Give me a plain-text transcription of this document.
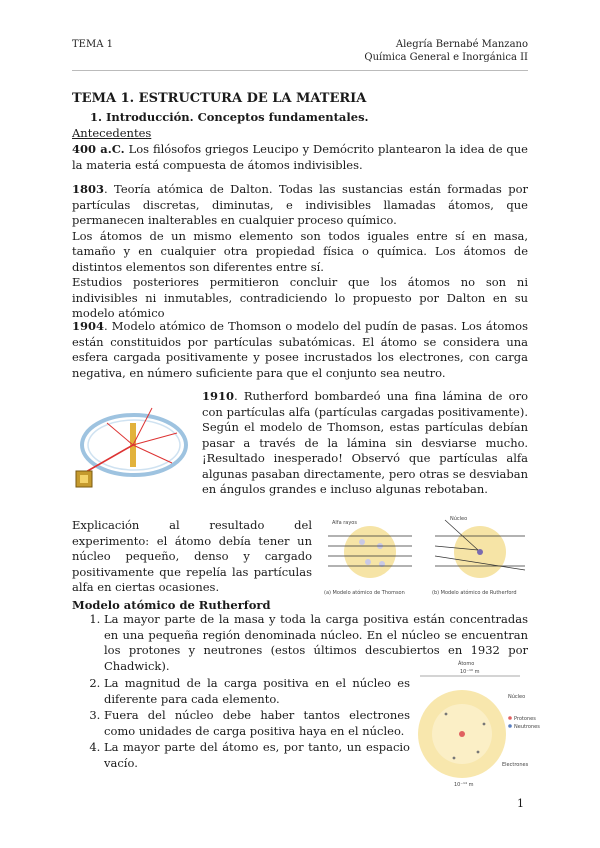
TEMA 1	Alegría Bernabé Manzano
Química General e Inorgánica II
TEMA 1. ESTRUCTURA DE LA MATERIA
1. Introducción. Conceptos fundamentales.
Antecedentes
400 a.C. Los filósofos griegos Leucipo y Demócrito plantearon la idea de que la materia está compuesta de átomos indivisibles.
1803. Teoría atómica de Dalton. Todas las sustancias están formadas por partículas discretas, diminutas, e indivisibles llamadas átomos, que permanecen inalterables en cualquier proceso químico.
Los átomos de un mismo elemento son todos iguales entre sí en masa, tamaño y en cualquier otra propiedad física o química. Los átomos de distintos elementos son diferentes entre sí.
Estudios posteriores permitieron concluir que los átomos no son ni indivisibles ni inmutables, contradiciendo lo propuesto por Dalton en su modelo atómico
1904. Modelo atómico de Thomson o modelo del pudín de pasas. Los átomos están constituidos por partículas subatómicas. El átomo se considera una esfera cargada positivamente y posee incrustados los electrones, con carga negativa, en número suficiente para que el conjunto sea neutro.
1910. Rutherford bombardeó una fina lámina de oro con partículas alfa (partículas cargadas positivamente). Según el modelo de Thomson, estas partículas debían pasar a través de la lámina sin desviarse mucho. ¡Resultado inesperado! Observó que partículas alfa algunas pasaban directamente, pero otras se desviaban en ángulos grandes e incluso algunas rebotaban.
Explicación al resultado del experimento: el átomo debía tener un núcleo pequeño, denso y cargado positivamente que repelía las partículas alfa en ciertas ocasiones.
Alfa rayos
(a) Modelo atómico de Thomson
Núcleo
(b) Modelo atómico de Rutherford
Modelo atómico de Rutherford
1. La mayor parte de la masa y toda la carga positiva están concentradas en una pequeña región denominada núcleo. En el núcleo se encuentran los protones y neutrones (estos últimos descubiertos en 1932 por Chadwick).
2. La magnitud de la carga positiva en el núcleo es diferente para cada elemento.
3. Fuera del núcleo debe haber tantos electrones como unidades de carga positiva haya en el núcleo.
4. La mayor parte del átomo es, por tanto, un espacio vacío.
Átomo
10⁻¹⁰ m
Núcleo
Protones
Neutrones
Electrones
10⁻¹⁴ m
1
